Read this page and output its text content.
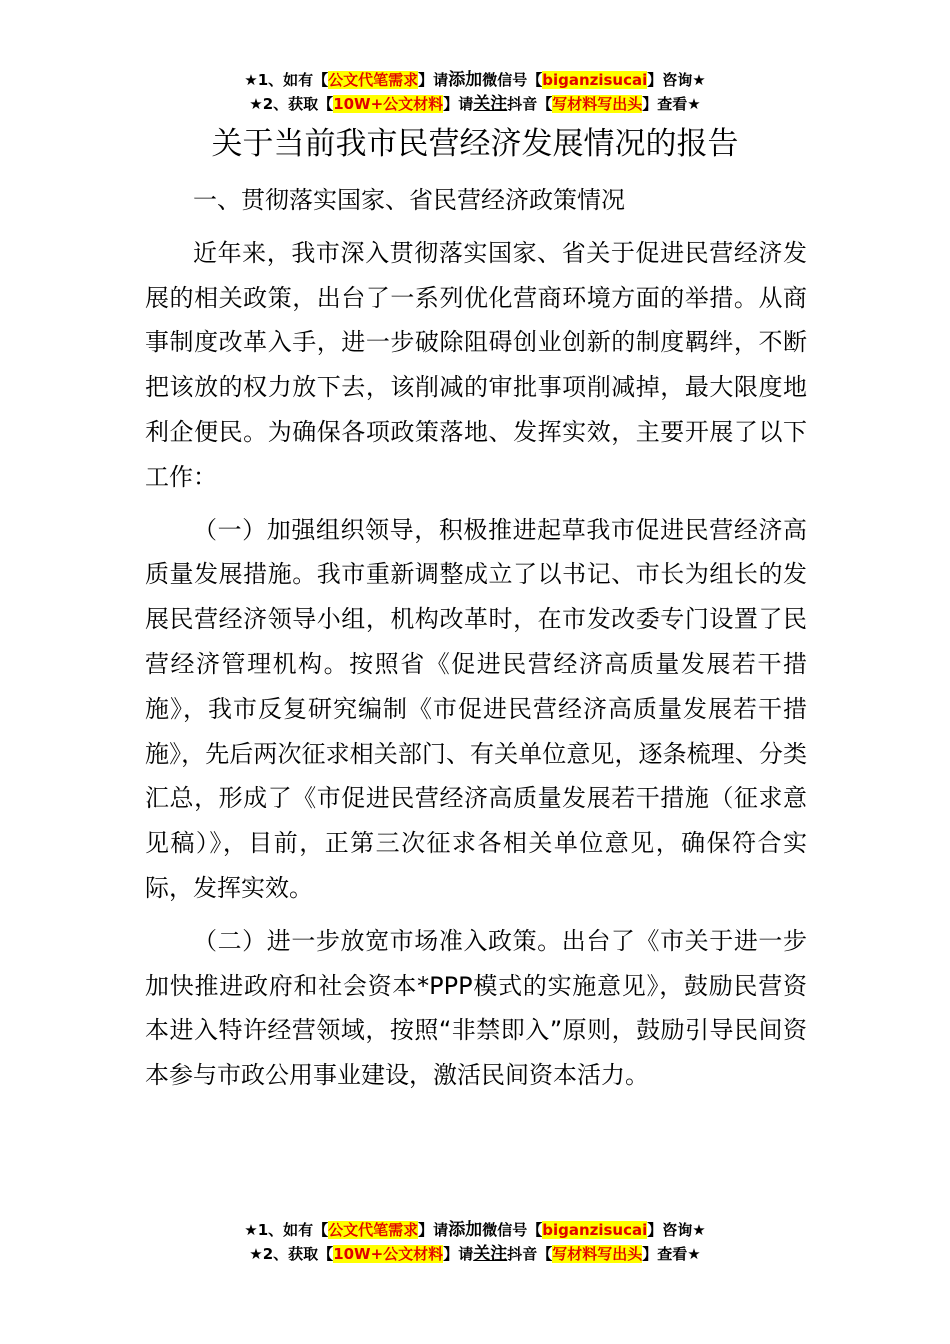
★1、如有【公文代笔需求】请添加微信号【biganzisucai】咨询★
★2、获取【10W+公文材料】请关注抖音【写材料写出头】查看★
关于当前我市民营经济发展情况的报告

一、贯彻落实国家、省民营经济政策情况

近年来，我市深入贯彻落实国家、省关于促进民营经济发展的相关政策，出台了一系列优化营商环境方面的举措。从商事制度改革入手，进一步破除阻碍创业创新的制度羁绊，不断把该放的权力放下去，该削减的审批事项削减掉，最大限度地利企便民。为确保各项政策落地、发挥实效，主要开展了以下工作：

（一）加强组织领导，积极推进起草我市促进民营经济高质量发展措施。我市重新调整成立了以书记、市长为组长的发展民营经济领导小组，机构改革时，在市发改委专门设置了民营经济管理机构。按照省《促进民营经济高质量发展若干措施》，我市反复研究编制《市促进民营经济高质量发展若干措施》，先后两次征求相关部门、有关单位意见，逐条梳理、分类汇总，形成了《市促进民营经济高质量发展若干措施（征求意见稿）》，目前，正第三次征求各相关单位意见，确保符合实际，发挥实效。

（二）进一步放宽市场准入政策。出台了《市关于进一步加快推进政府和社会资本*PPP模式的实施意见》，鼓励民营资本进入特许经营领域，按照“非禁即入”原则，鼓励引导民间资本参与市政公用事业建设，激活民间资本活力。

★1、如有【公文代笔需求】请添加微信号【biganzisucai】咨询★
★2、获取【10W+公文材料】请关注抖音【写材料写出头】查看★
